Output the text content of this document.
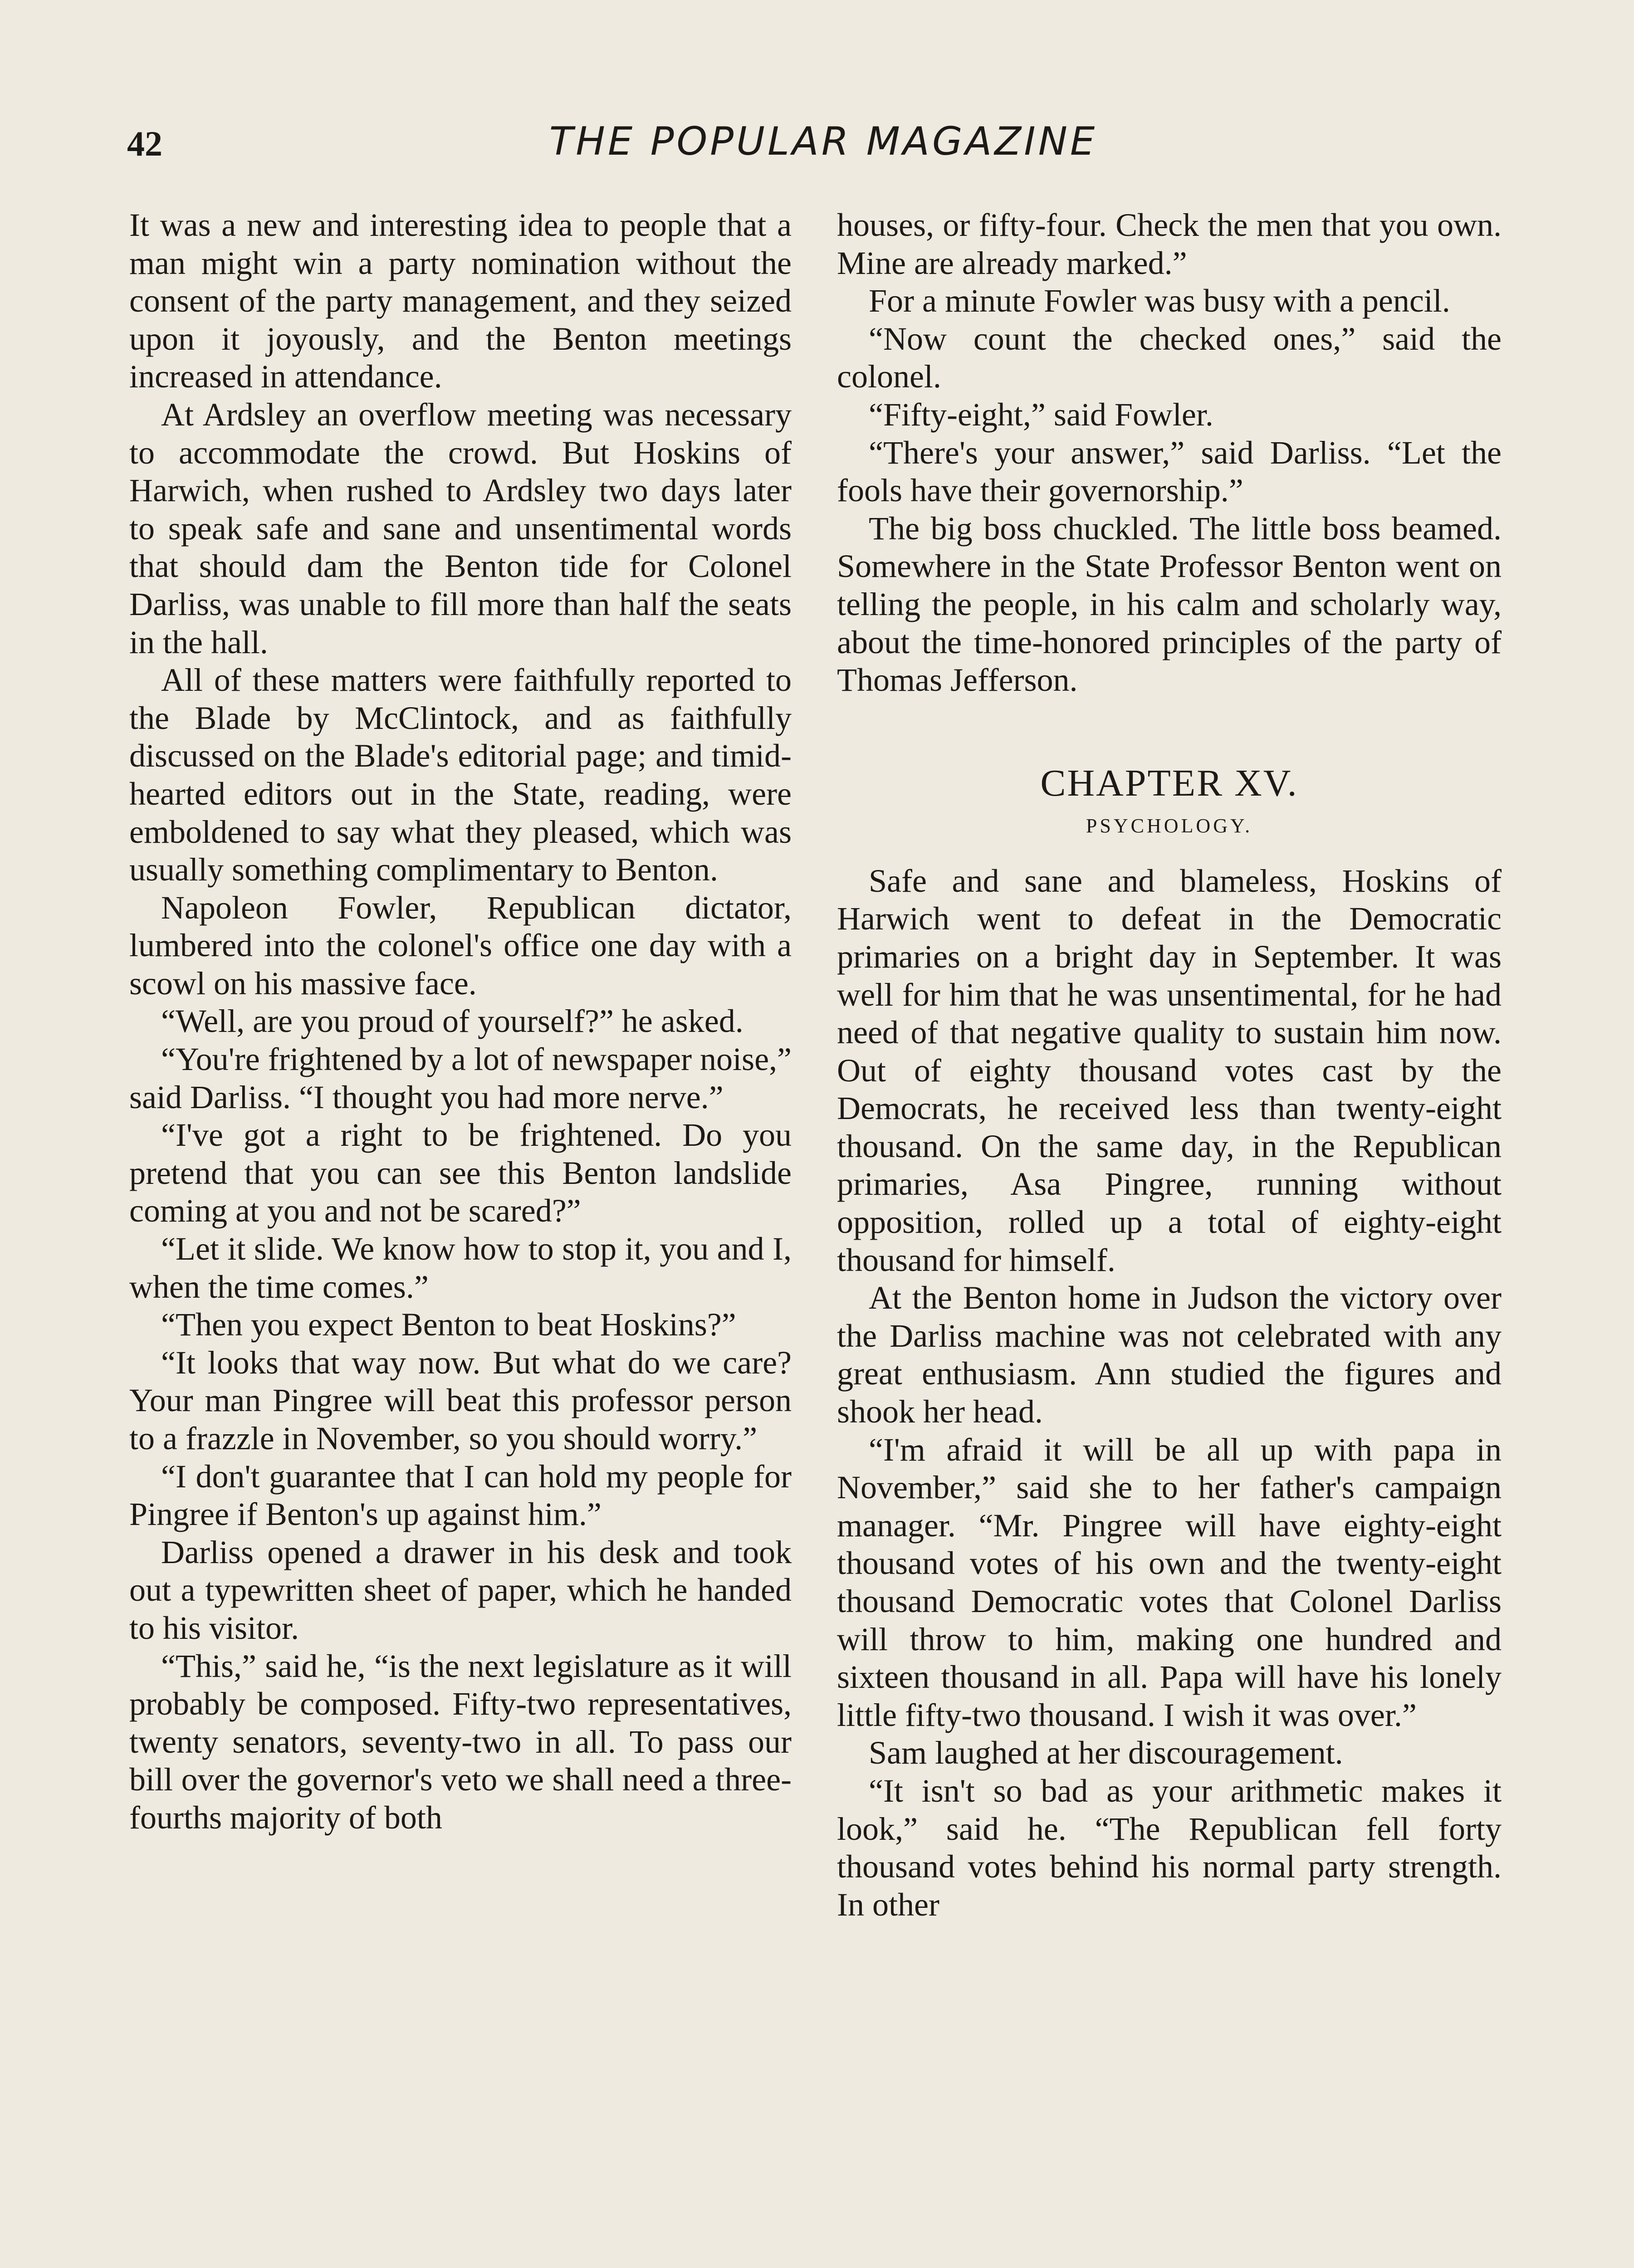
42	THE POPULAR MAGAZINE

It was a new and interesting idea to people that a man might win a party nomination without the consent of the party management, and they seized upon it joyously, and the Benton meetings increased in attendance.

At Ardsley an overflow meeting was necessary to accommodate the crowd. But Hoskins of Harwich, when rushed to Ardsley two days later to speak safe and sane and unsentimental words that should dam the Benton tide for Colonel Darliss, was unable to fill more than half the seats in the hall.

All of these matters were faithfully reported to the Blade by McClintock, and as faithfully discussed on the Blade's editorial page; and timid-hearted editors out in the State, reading, were emboldened to say what they pleased, which was usually something complimentary to Benton.

Napoleon Fowler, Republican dictator, lumbered into the colonel's office one day with a scowl on his massive face.

“Well, are you proud of yourself?” he asked.

“You're frightened by a lot of newspaper noise,” said Darliss. “I thought you had more nerve.”

“I've got a right to be frightened. Do you pretend that you can see this Benton landslide coming at you and not be scared?”

“Let it slide. We know how to stop it, you and I, when the time comes.”

“Then you expect Benton to beat Hoskins?”

“It looks that way now. But what do we care? Your man Pingree will beat this professor person to a frazzle in November, so you should worry.”

“I don't guarantee that I can hold my people for Pingree if Benton's up against him.”

Darliss opened a drawer in his desk and took out a typewritten sheet of paper, which he handed to his visitor.

“This,” said he, “is the next legislature as it will probably be composed. Fifty-two representatives, twenty senators, seventy-two in all. To pass our bill over the governor's veto we shall need a three-fourths majority of both

houses, or fifty-four. Check the men that you own. Mine are already marked.”

For a minute Fowler was busy with a pencil.

“Now count the checked ones,” said the colonel.

“Fifty-eight,” said Fowler.

“There's your answer,” said Darliss. “Let the fools have their governorship.”

The big boss chuckled. The little boss beamed. Somewhere in the State Professor Benton went on telling the people, in his calm and scholarly way, about the time-honored principles of the party of Thomas Jefferson.

CHAPTER XV.
PSYCHOLOGY.

Safe and sane and blameless, Hoskins of Harwich went to defeat in the Democratic primaries on a bright day in September. It was well for him that he was unsentimental, for he had need of that negative quality to sustain him now. Out of eighty thousand votes cast by the Democrats, he received less than twenty-eight thousand. On the same day, in the Republican primaries, Asa Pingree, running without opposition, rolled up a total of eighty-eight thousand for himself.

At the Benton home in Judson the victory over the Darliss machine was not celebrated with any great enthusiasm. Ann studied the figures and shook her head.

“I'm afraid it will be all up with papa in November,” said she to her father's campaign manager. “Mr. Pingree will have eighty-eight thousand votes of his own and the twenty-eight thousand Democratic votes that Colonel Darliss will throw to him, making one hundred and sixteen thousand in all. Papa will have his lonely little fifty-two thousand. I wish it was over.”

Sam laughed at her discouragement.

“It isn't so bad as your arithmetic makes it look,” said he. “The Republican fell forty thousand votes behind his normal party strength. In other
